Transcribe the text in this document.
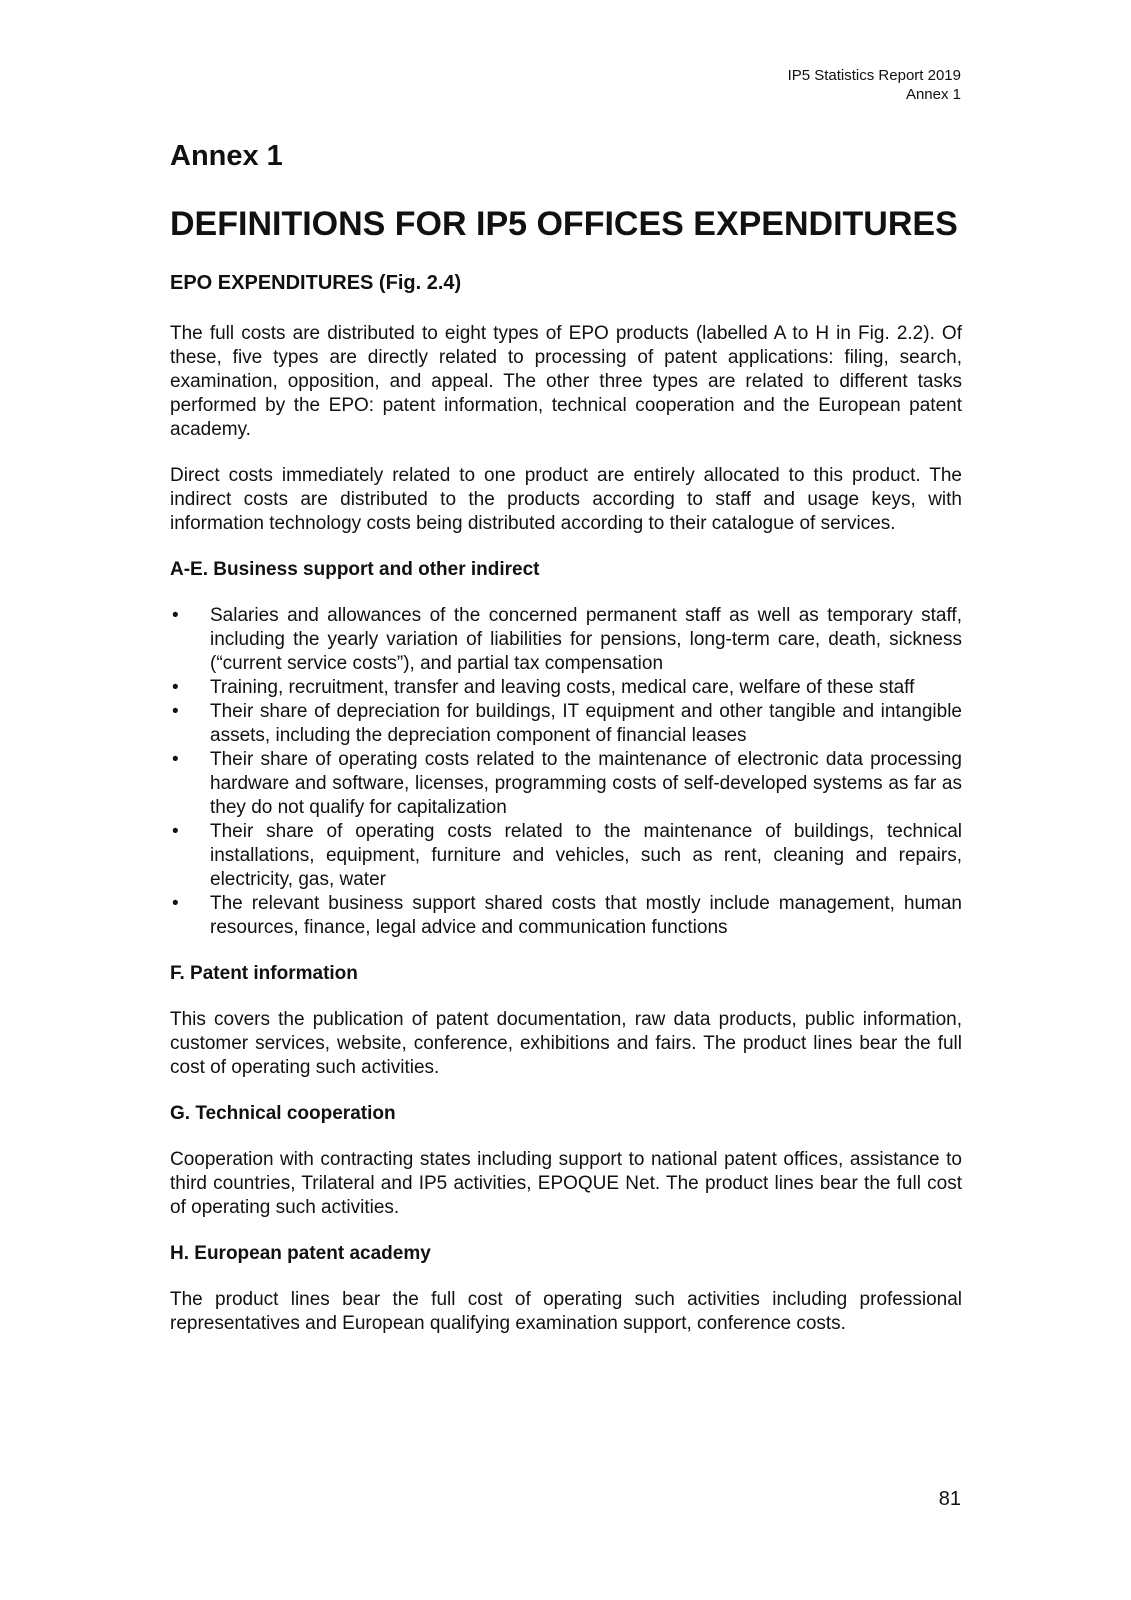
IP5 Statistics Report 2019
Annex 1
Annex 1
DEFINITIONS FOR IP5 OFFICES EXPENDITURES
EPO EXPENDITURES (Fig. 2.4)

The full costs are distributed to eight types of EPO products (labelled A to H in Fig. 2.2). Of these, five types are directly related to processing of patent applications: filing, search, examination, opposition, and appeal. The other three types are related to different tasks performed by the EPO: patent information, technical cooperation and the European patent academy.

Direct costs immediately related to one product are entirely allocated to this product. The indirect costs are distributed to the products according to staff and usage keys, with information technology costs being distributed according to their catalogue of services.

A-E. Business support and other indirect
• Salaries and allowances of the concerned permanent staff as well as temporary staff, including the yearly variation of liabilities for pensions, long-term care, death, sickness (“current service costs”), and partial tax compensation
• Training, recruitment, transfer and leaving costs, medical care, welfare of these staff
• Their share of depreciation for buildings, IT equipment and other tangible and intangible assets, including the depreciation component of financial leases
• Their share of operating costs related to the maintenance of electronic data processing hardware and software, licenses, programming costs of self-developed systems as far as they do not qualify for capitalization
• Their share of operating costs related to the maintenance of buildings, technical installations, equipment, furniture and vehicles, such as rent, cleaning and repairs, electricity, gas, water
• The relevant business support shared costs that mostly include management, human resources, finance, legal advice and communication functions
F. Patent information

This covers the publication of patent documentation, raw data products, public information, customer services, website, conference, exhibitions and fairs. The product lines bear the full cost of operating such activities.

G. Technical cooperation

Cooperation with contracting states including support to national patent offices, assistance to third countries, Trilateral and IP5 activities, EPOQUE Net. The product lines bear the full cost of operating such activities.

H. European patent academy

The product lines bear the full cost of operating such activities including professional representatives and European qualifying examination support, conference costs.

81
